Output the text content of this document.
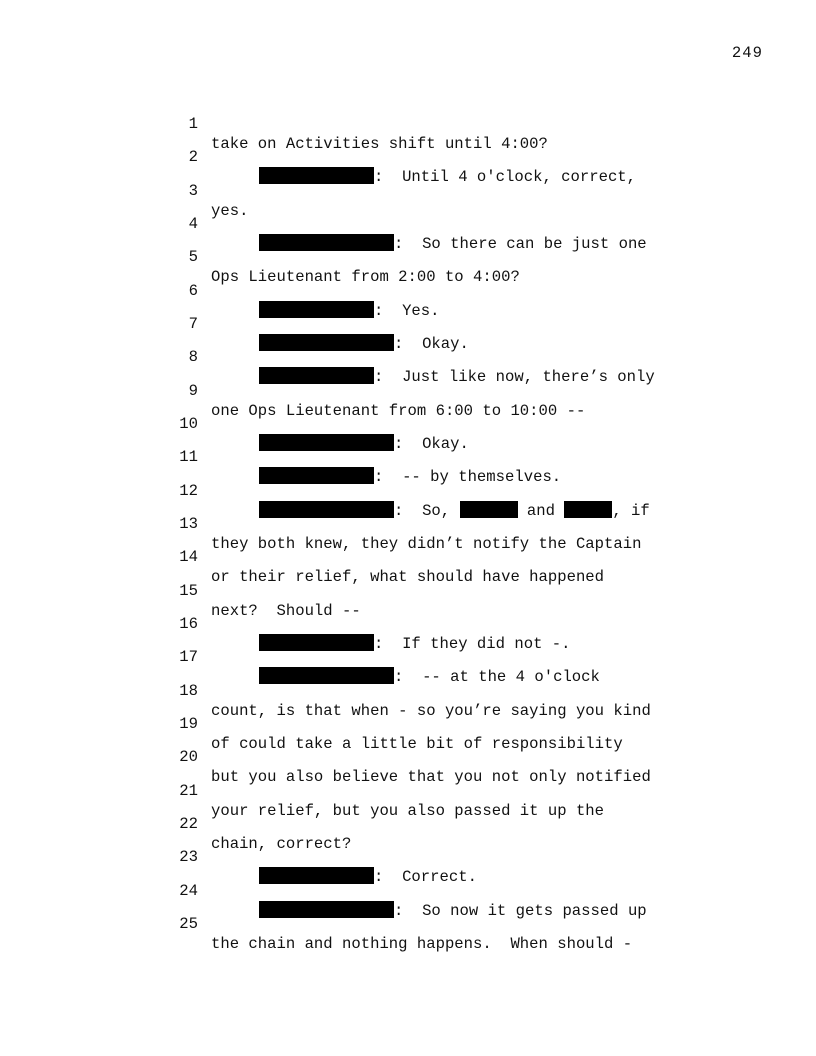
249

1

take on Activities shift until 4:00?

2

:  Until 4 o'clock, correct,

3

yes.

4

:  So there can be just one

5

Ops Lieutenant from 2:00 to 4:00?

6

:  Yes.

7

:  Okay.

8

:  Just like now, there’s only

9

one Ops Lieutenant from 6:00 to 10:00 --

10

:  Okay.

11

:  -- by themselves.

12

:  So,	and	, if

13

they both knew, they didn’t notify the Captain

14

or their relief, what should have happened

15

next?  Should --

16

:  If they did not -.

17

:  -- at the 4 o'clock

18

count, is that when - so you’re saying you kind

19

of could take a little bit of responsibility

20

but you also believe that you not only notified

21

your relief, but you also passed it up the

22

chain, correct?

23

:  Correct.

24

:  So now it gets passed up

25

the chain and nothing happens.  When should -
